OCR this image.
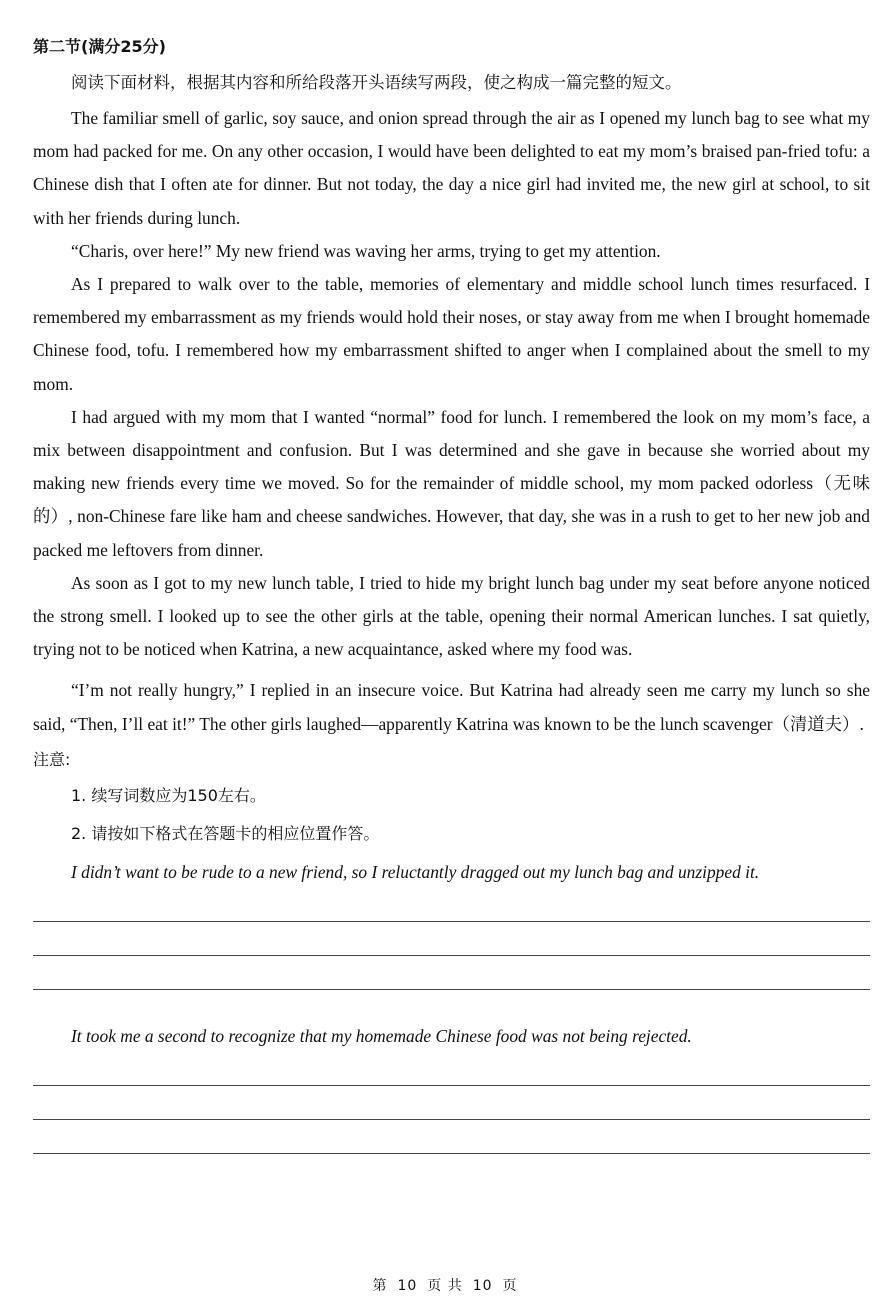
第二节(满分25分)
阅读下面材料，根据其内容和所给段落开头语续写两段，使之构成一篇完整的短文。

The familiar smell of garlic, soy sauce, and onion spread through the air as I opened my lunch bag to see what my mom had packed for me. On any other occasion, I would have been delighted to eat my mom’s braised pan-fried tofu: a Chinese dish that I often ate for dinner. But not today, the day a nice girl had invited me, the new girl at school, to sit with her friends during lunch.

“Charis, over here!” My new friend was waving her arms, trying to get my attention.

As I prepared to walk over to the table, memories of elementary and middle school lunch times resurfaced. I remembered my embarrassment as my friends would hold their noses, or stay away from me when I brought homemade Chinese food, tofu. I remembered how my embarrassment shifted to anger when I complained about the smell to my mom.

I had argued with my mom that I wanted “normal” food for lunch. I remembered the look on my mom’s face, a mix between disappointment and confusion. But I was determined and she gave in because she worried about my making new friends every time we moved. So for the remainder of middle school, my mom packed odorless（无味的）, non-Chinese fare like ham and cheese sandwiches. However, that day, she was in a rush to get to her new job and packed me leftovers from dinner.

As soon as I got to my new lunch table, I tried to hide my bright lunch bag under my seat before anyone noticed the strong smell. I looked up to see the other girls at the table, opening their normal American lunches. I sat quietly, trying not to be noticed when Katrina, a new acquaintance, asked where my food was.

“I’m not really hungry,” I replied in an insecure voice. But Katrina had already seen me carry my lunch so she said, “Then, I’ll eat it!” The other girls laughed—apparently Katrina was known to be the lunch scavenger（清道夫）.

注意:
1. 续写词数应为150左右。
2. 请按如下格式在答题卡的相应位置作答。
I didn’t want to be rude to a new friend, so I reluctantly dragged out my lunch bag and unzipped it.
It took me a second to recognize that my homemade Chinese food was not being rejected.
第 10 页 共 10 页
